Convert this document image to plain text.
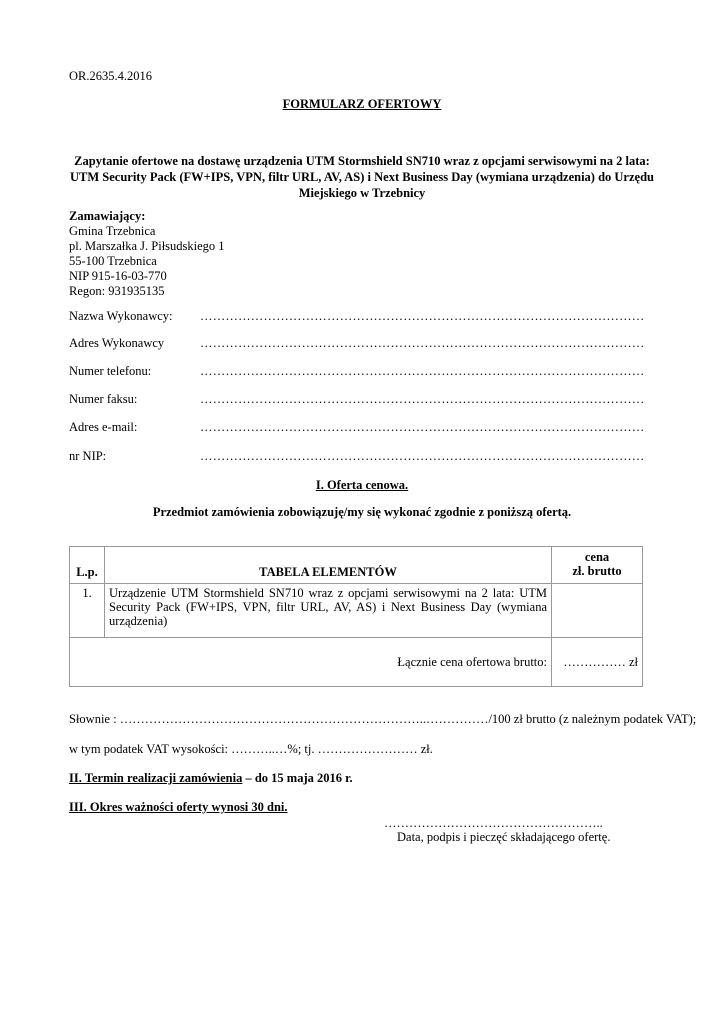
OR.2635.4.2016
FORMULARZ OFERTOWY
Zapytanie ofertowe na dostawę urządzenia UTM Stormshield SN710 wraz z opcjami serwisowymi na 2 lata: UTM Security Pack (FW+IPS, VPN, filtr URL, AV, AS) i Next Business Day (wymiana urządzenia) do Urzędu Miejskiego w Trzebnicy
Zamawiający:
Gmina Trzebnica
pl. Marszałka J. Piłsudskiego 1
55-100 Trzebnica
NIP 915-16-03-770
Regon: 931935135
Nazwa Wykonawcy: ……………………………………………………………………………………………
Adres Wykonawcy	……………………………………………………………………………………………
Numer telefonu:	……………………………………………………………………………………………
Numer faksu:	……………………………………………………………………………………………
Adres e-mail:	……………………………………………………………………………………………
nr NIP:	……………………………………………………………………………………………
I. Oferta cenowa.
Przedmiot zamówienia zobowiązuję/my się wykonać zgodnie z poniższą ofertą.
L.p.	TABELA ELEMENTÓW	cena
zł. brutto

1.	Urządzenie UTM Stormshield SN710 wraz z opcjami serwisowymi na 2 lata: UTM Security Pack (FW+IPS, VPN, filtr URL, AV, AS) i Next Business Day (wymiana urządzenia)	
Łącznie cena ofertowa brutto:		…………… zł
Słownie : ………………………………………………………………..……………/100 zł brutto (z należnym podatek VAT);
w tym podatek VAT wysokości: ………..…%; tj. …………………… zł.
II. Termin realizacji zamówienia – do 15 maja 2016 r.
III. Okres ważności oferty wynosi 30 dni.
……………………………………………..
Data, podpis i pieczęć składającego ofertę.
